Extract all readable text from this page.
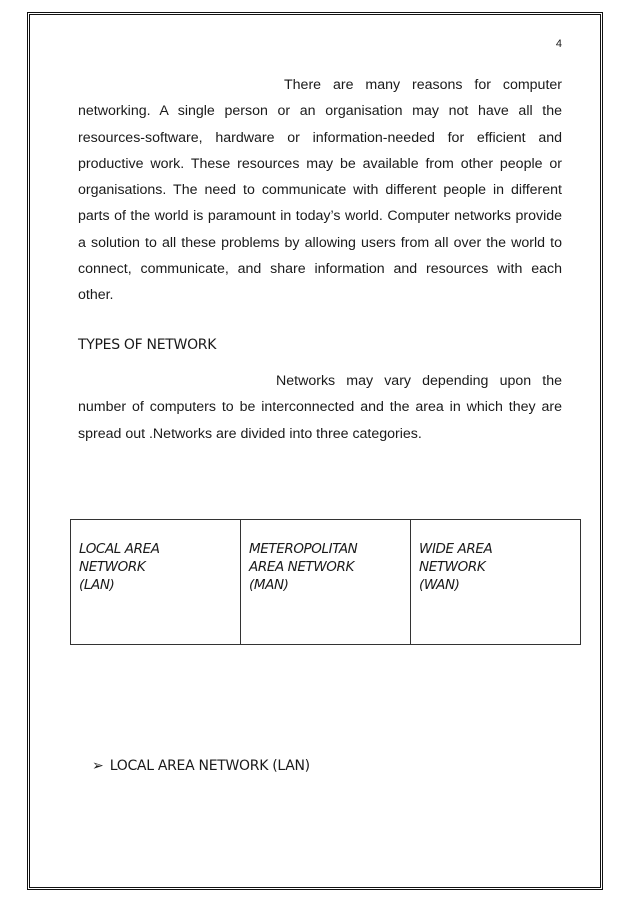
4

There are many reasons for computer networking. A single person or an organisation may not have all the resources-software, hardware or information-needed for efficient and productive work. These resources may be available from other people or organisations. The need to communicate with different people in different parts of the world is paramount in today’s world. Computer networks provide a solution to all these problems by allowing users from all over the world to connect, communicate, and share information and resources with each other.

TYPES OF NETWORK

Networks may vary depending upon the number of computers to be interconnected and the area in which they are spread out .Networks are divided into three categories.

LOCAL AREA
NETWORK
(LAN)

METEROPOLITAN
AREA NETWORK
(MAN)

WIDE AREA
NETWORK
(WAN)
➢ LOCAL AREA NETWORK (LAN)
